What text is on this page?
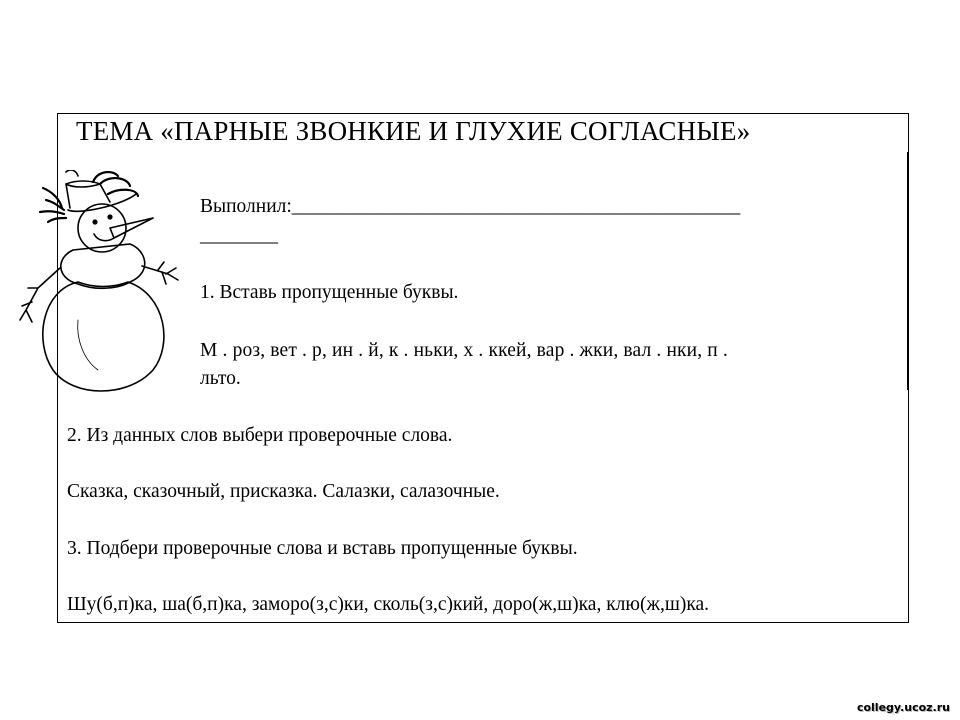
ТЕМА «ПАРНЫЕ ЗВОНКИЕ И ГЛУХИЕ СОГЛАСНЫЕ»
Выполнил:______________________________________________
________
1. Вставь пропущенные буквы.
М . роз, вет . р, ин . й, к . ньки, х . ккей, вар . жки, вал . нки, п .
льто.
2. Из данных слов выбери проверочные слова.
Сказка, сказочный, присказка. Салазки, салазочные.
3. Подбери проверочные слова и вставь пропущенные буквы.
Шу(б,п)ка, ша(б,п)ка, заморо(з,с)ки, сколь(з,с)кий, доро(ж,ш)ка, клю(ж,ш)ка.
collegy.ucoz.ru
